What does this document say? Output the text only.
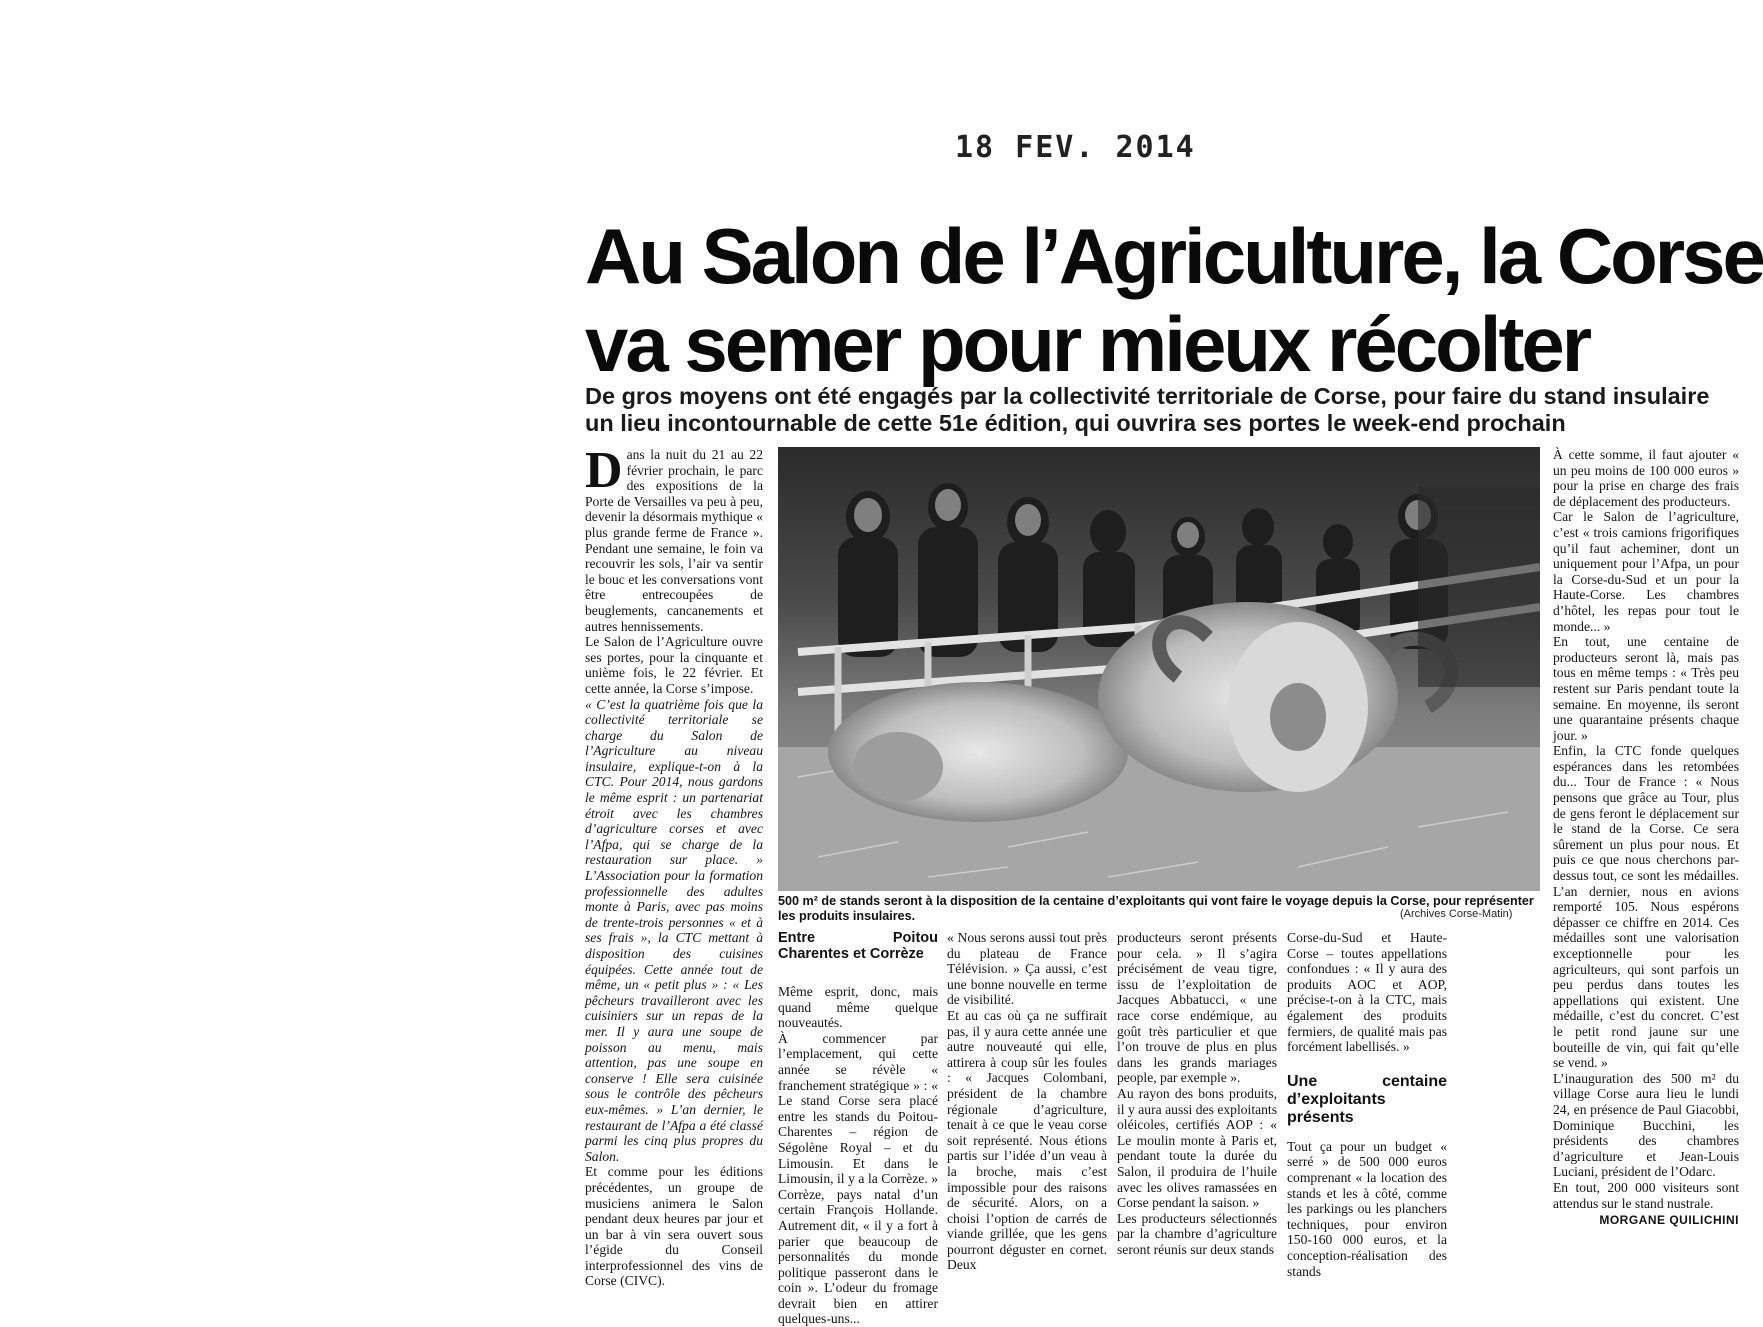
18 FEV. 2014
Au Salon de l’Agriculture, la Corse
va semer pour mieux récolter
De gros moyens ont été engagés par la collectivité territoriale de Corse, pour faire du stand insulaire
un lieu incontournable de cette 51e édition, qui ouvrira ses portes le week-end prochain
D ans la nuit du 21 au 22 février prochain, le parc des expositions de la Porte de Versailles va peu à peu, devenir la désormais mythique « plus grande ferme de France ». Pendant une semaine, le foin va recouvrir les sols, l’air va sentir le bouc et les conversations vont être entrecoupées de beuglements, cancanements et autres hennissements.

Le Salon de l’Agriculture ouvre ses portes, pour la cinquante et unième fois, le 22 février. Et cette année, la Corse s’impose.

« C’est la quatrième fois que la collectivité territoriale se charge du Salon de l’Agriculture au niveau insulaire, explique-t-on à la CTC. Pour 2014, nous gardons le même esprit : un partenariat étroit avec les chambres d’agriculture corses et avec l’Afpa, qui se charge de la restauration sur place. » L’Association pour la formation professionnelle des adultes monte à Paris, avec pas moins de trente-trois personnes « et à ses frais », la CTC mettant à disposition des cuisines équipées. Cette année tout de même, un « petit plus » : « Les pêcheurs travailleront avec les cuisiniers sur un repas de la mer. Il y aura une soupe de poisson au menu, mais attention, pas une soupe en conserve ! Elle sera cuisinée sous le contrôle des pêcheurs eux-mêmes. » L’an dernier, le restaurant de l’Afpa a été classé parmi les cinq plus propres du Salon.

Et comme pour les éditions précédentes, un groupe de musiciens animera le Salon pendant deux heures par jour et un bar à vin sera ouvert sous l’égide du Conseil interprofessionnel des vins de Corse (CIVC).

500 m² de stands seront à la disposition de la centaine d’exploitants qui vont faire le voyage depuis la Corse, pour représenter les produits insulaires.	(Archives Corse-Matin)
Entre Poitou Charentes et Corrèze

Même esprit, donc, mais quand même quelque nouveautés.

À commencer par l’emplacement, qui cette année se révèle « franchement stratégique » : « Le stand Corse sera placé entre les stands du Poitou-Charentes – région de Ségolène Royal – et du Limousin. Et dans le Limousin, il y a la Corrèze. » Corrèze, pays natal d’un certain François Hollande. Autrement dit, « il y a fort à parier que beaucoup de personnalités du monde politique passeront dans le coin ». L’odeur du fromage devrait bien en attirer quelques-uns...

« Nous serons aussi tout près du plateau de France Télévision. » Ça aussi, c’est une bonne nouvelle en terme de visibilité.

Et au cas où ça ne suffirait pas, il y aura cette année une autre nouveauté qui elle, attirera à coup sûr les foules : « Jacques Colombani, président de la chambre régionale d’agriculture, tenait à ce que le veau corse soit représenté. Nous étions partis sur l’idée d’un veau à la broche, mais c’est impossible pour des raisons de sécurité. Alors, on a choisi l’option de carrés de viande grillée, que les gens pourront déguster en cornet. Deux

producteurs seront présents pour cela. » Il s’agira précisément de veau tigre, issu de l’exploitation de Jacques Abbatucci, « une race corse endémique, au goût très particulier et que l’on trouve de plus en plus dans les grands mariages people, par exemple ».

Au rayon des bons produits, il y aura aussi des exploitants oléicoles, certifiés AOP : « Le moulin monte à Paris et, pendant toute la durée du Salon, il produira de l’huile avec les olives ramassées en Corse pendant la saison. »

Les producteurs sélectionnés par la chambre d’agriculture seront réunis sur deux stands

Corse-du-Sud et Haute-Corse – toutes appellations confondues : « Il y aura des produits AOC et AOP, précise-t-on à la CTC, mais également des produits fermiers, de qualité mais pas forcément labellisés. »

Une centaine d’exploitants présents

Tout ça pour un budget « serré » de 500 000 euros comprenant « la location des stands et les à côté, comme les parkings ou les planchers techniques, pour environ 150-160 000 euros, et la conception-réalisation des stands

À cette somme, il faut ajouter « un peu moins de 100 000 euros » pour la prise en charge des frais de déplacement des producteurs.

Car le Salon de l’agriculture, c’est « trois camions frigorifiques qu’il faut acheminer, dont un uniquement pour l’Afpa, un pour la Corse-du-Sud et un pour la Haute-Corse. Les chambres d’hôtel, les repas pour tout le monde... »

En tout, une centaine de producteurs seront là, mais pas tous en même temps : « Très peu restent sur Paris pendant toute la semaine. En moyenne, ils seront une quarantaine présents chaque jour. »

Enfin, la CTC fonde quelques espérances dans les retombées du... Tour de France : « Nous pensons que grâce au Tour, plus de gens feront le déplacement sur le stand de la Corse. Ce sera sûrement un plus pour nous. Et puis ce que nous cherchons par-dessus tout, ce sont les médailles. L’an dernier, nous en avions remporté 105. Nous espérons dépasser ce chiffre en 2014. Ces médailles sont une valorisation exceptionnelle pour les agriculteurs, qui sont parfois un peu perdus dans toutes les appellations qui existent. Une médaille, c’est du concret. C’est le petit rond jaune sur une bouteille de vin, qui fait qu’elle se vend. »

L’inauguration des 500 m² du village Corse aura lieu le lundi 24, en présence de Paul Giacobbi, Dominique Bucchini, les présidents des chambres d’agriculture et Jean-Louis Luciani, président de l’Odarc.

En tout, 200 000 visiteurs sont attendus sur le stand nustrale.

MORGANE QUILICHINI
